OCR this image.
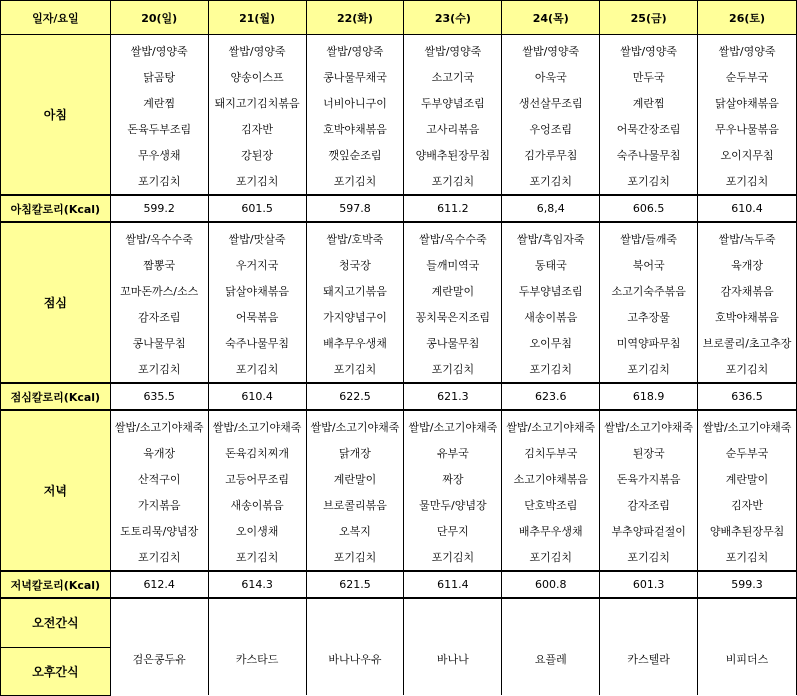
일자/요일	20(일)	21(월)	22(화)	23(수)	24(목)	25(금)	26(토)
아침	쌀밥/영양죽	쌀밥/영양죽	쌀밥/영양죽	쌀밥/영양죽	쌀밥/영양죽	쌀밥/영양죽	쌀밥/영양죽
	닭곰탕	양송이스프	콩나물무채국	소고기국	아욱국	만두국	순두부국
	계란찜	돼지고기김치볶음	너비아니구이	두부양념조림	생선살무조림	계란찜	닭살야채볶음
	돈육두부조림	김자반	호박야채볶음	고사리볶음	우엉조림	어묵간장조림	무우나물볶음
	무우생채	강된장	깻잎순조림	양배추된장무침	김가루무침	숙주나물무침	오이지무침
	포기김치	포기김치	포기김치	포기김치	포기김치	포기김치	포기김치
아침칼로리(Kcal)	599.2	601.5	597.8	611.2	6,8,4	606.5	610.4
점심	쌀밥/옥수수죽	쌀밥/맛살죽	쌀밥/호박죽	쌀밥/옥수수죽	쌀밥/흑임자죽	쌀밥/들깨죽	쌀밥/녹두죽
	짬뽕국	우거지국	청국장	들깨미역국	동태국	북어국	육개장
	꼬마돈까스/소스	닭살야채볶음	돼지고기볶음	계란말이	두부양념조림	소고기숙주볶음	감자채볶음
	감자조림	어묵볶음	가지양념구이	꽁치묵은지조림	새송이볶음	고추장물	호박야채볶음
	콩나물무침	숙주나물무침	배추무우생채	콩나물무침	오이무침	미역양파무침	브로콜리/초고추장
	포기김치	포기김치	포기김치	포기김치	포기김치	포기김치	포기김치
점심칼로리(Kcal)	635.5	610.4	622.5	621.3	623.6	618.9	636.5
저녁	쌀밥/소고기야채죽	쌀밥/소고기야채죽	쌀밥/소고기야채죽	쌀밥/소고기야채죽	쌀밥/소고기야채죽	쌀밥/소고기야채죽	쌀밥/소고기야채죽
	육개장	돈육김치찌개	닭개장	유부국	김치두부국	된장국	순두부국
	산적구이	고등어무조림	계란말이	짜장	소고기야채볶음	돈육가지볶음	계란말이
	가지볶음	새송이볶음	브로콜리볶음	물만두/양념장	단호박조림	감자조림	김자반
	도토리묵/양념장	오이생채	오복지	단무지	배추무우생채	부추양파겉절이	양배추된장무침
	포기김치	포기김치	포기김치	포기김치	포기김치	포기김치	포기김치
저녁칼로리(Kcal)	612.4	614.3	621.5	611.4	600.8	601.3	599.3
오전간식							

오후간식	검은콩두유	카스타드	바나나우유	바나나	요플레	카스텔라	비피더스
